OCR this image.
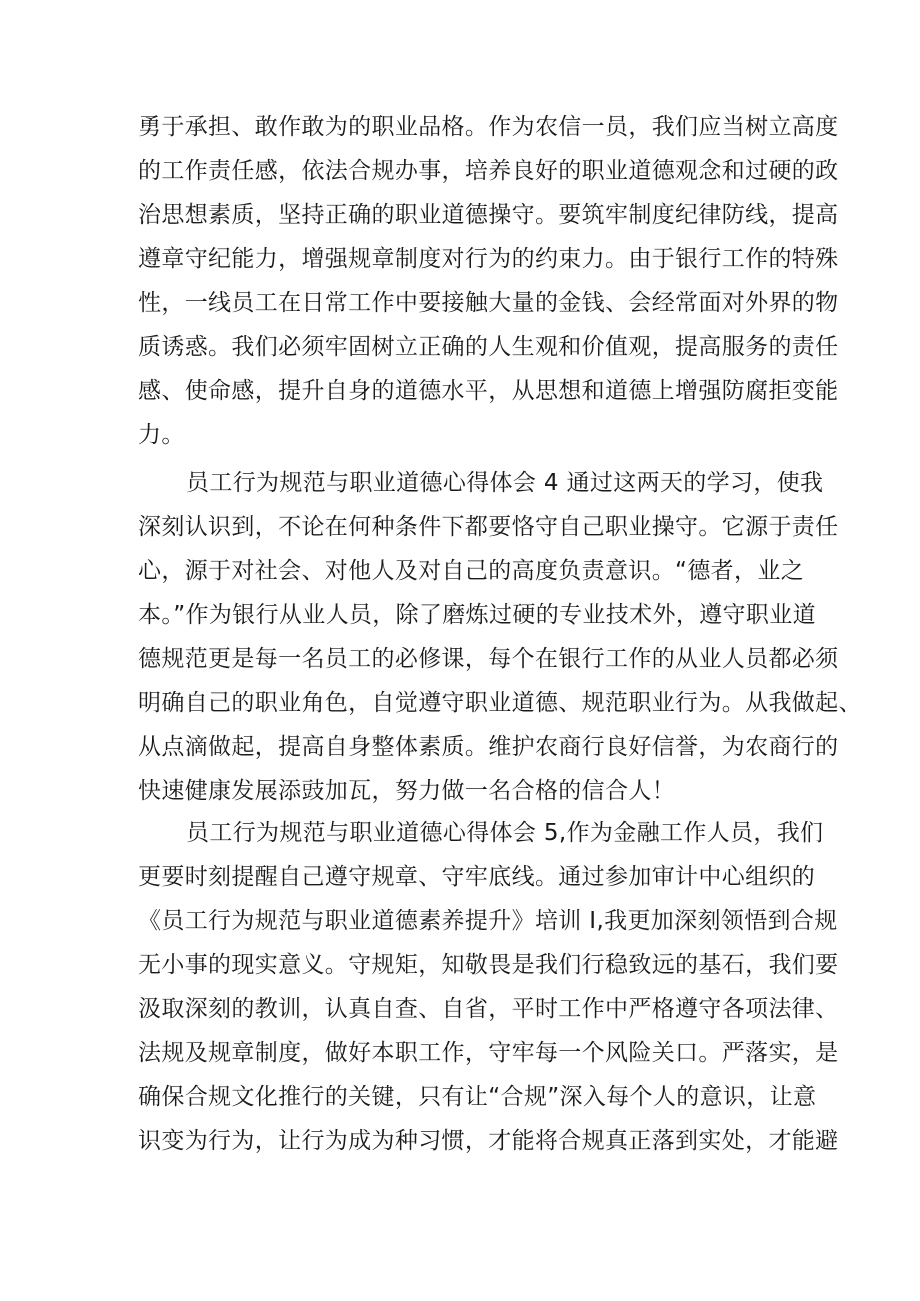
勇于承担、敢作敢为的职业品格。作为农信一员，我们应当树立高度
的工作责任感，依法合规办事，培养良好的职业道德观念和过硬的政
治思想素质，坚持正确的职业道德操守。要筑牢制度纪律防线，提高
遵章守纪能力，增强规章制度对行为的约束力。由于银行工作的特殊
性，一线员工在日常工作中要接触大量的金钱、会经常面对外界的物
质诱惑。我们必须牢固树立正确的人生观和价值观，提高服务的责任
感、使命感，提升自身的道德水平，从思想和道德上增强防腐拒变能
力。
员工行为规范与职业道德心得体会 4 通过这两天的学习，使我
深刻认识到，不论在何种条件下都要恪守自己职业操守。它源于责任
心，源于对社会、对他人及对自己的高度负责意识。“德者，业之
本。”作为银行从业人员，除了磨炼过硬的专业技术外，遵守职业道
德规范更是每一名员工的必修课，每个在银行工作的从业人员都必须
明确自己的职业角色，自觉遵守职业道德、规范职业行为。从我做起、
从点滴做起，提高自身整体素质。维护农商行良好信誉，为农商行的
快速健康发展添豉加瓦，努力做一名合格的信合人！
员工行为规范与职业道德心得体会 5,作为金融工作人员，我们
更要时刻提醒自己遵守规章、守牢底线。通过参加审计中心组织的
《员工行为规范与职业道德素养提升》培训 I,我更加深刻领悟到合规
无小事的现实意义。守规矩，知敬畏是我们行稳致远的基石，我们要
汲取深刻的教训，认真自查、自省，平时工作中严格遵守各项法律、
法规及规章制度，做好本职工作，守牢每一个风险关口。严落实，是
确保合规文化推行的关键，只有让“合规”深入每个人的意识，让意
识变为行为，让行为成为种习惯，才能将合规真正落到实处，才能避
